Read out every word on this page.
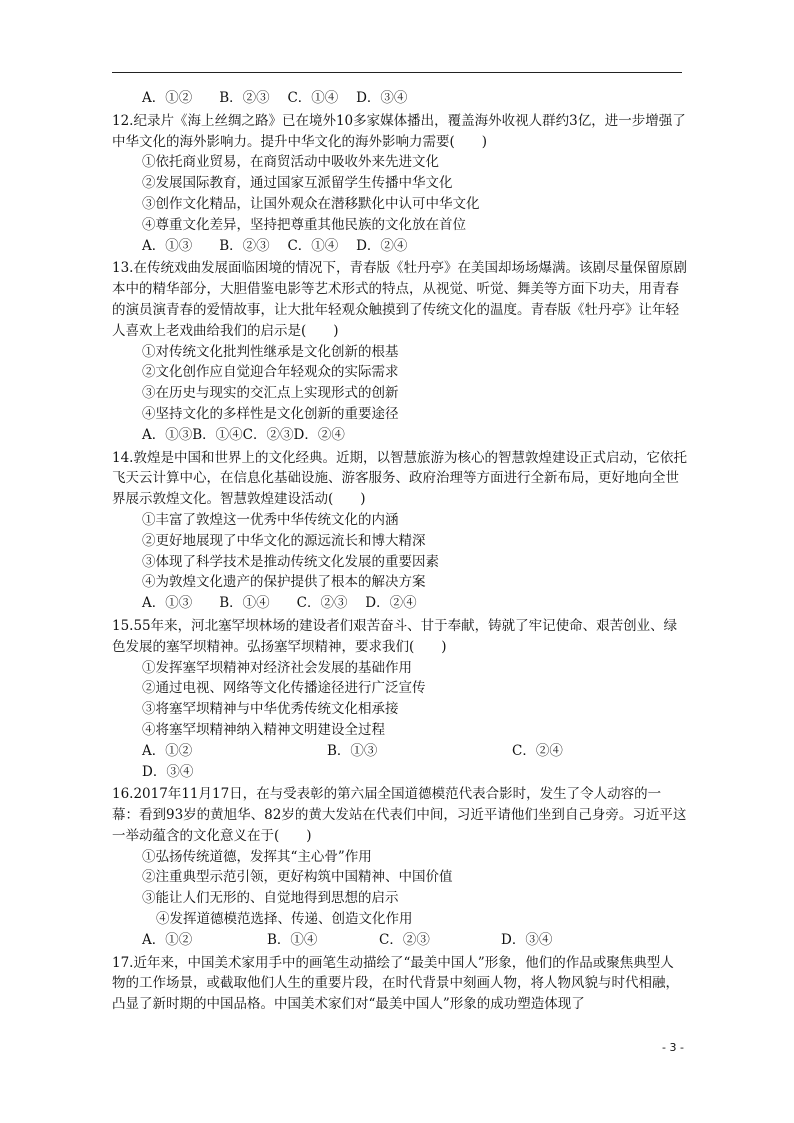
A．①②　　B．②③　 C．①④　 D．③④
12.纪录片《海上丝绸之路》已在境外10多家媒体播出，覆盖海外收视人群约3亿，进一步增强了中华文化的海外影响力。提升中华文化的海外影响力需要(　　)
①依托商业贸易，在商贸活动中吸收外来先进文化
②发展国际教育，通过国家互派留学生传播中华文化
③创作文化精品，让国外观众在潜移默化中认可中华文化
④尊重文化差异，坚持把尊重其他民族的文化放在首位
A．①③　　B．②③　 C．①④　 D．②④
13.在传统戏曲发展面临困境的情况下，青春版《牡丹亭》在美国却场场爆满。该剧尽量保留原剧本中的精华部分，大胆借鉴电影等艺术形式的特点，从视觉、听觉、舞美等方面下功夫，用青春的演员演青春的爱情故事，让大批年轻观众触摸到了传统文化的温度。青春版《牡丹亭》让年轻人喜欢上老戏曲给我们的启示是(　　)
①对传统文化批判性继承是文化创新的根基
②文化创作应自觉迎合年轻观众的实际需求
③在历史与现实的交汇点上实现形式的创新
④坚持文化的多样性是文化创新的重要途径
A．①③B．①④C．②③D．②④
14.敦煌是中国和世界上的文化经典。近期，以智慧旅游为核心的智慧敦煌建设正式启动，它依托飞天云计算中心，在信息化基础设施、游客服务、政府治理等方面进行全新布局，更好地向全世界展示敦煌文化。智慧敦煌建设活动(　　)
①丰富了敦煌这一优秀中华传统文化的内涵
②更好地展现了中华文化的源远流长和博大精深
③体现了科学技术是推动传统文化发展的重要因素
④为敦煌文化遗产的保护提供了根本的解决方案
A．①③　　B．①④　　C．②③　 D．②④
15.55年来，河北塞罕坝林场的建设者们艰苦奋斗、甘于奉献，铸就了牢记使命、艰苦创业、绿色发展的塞罕坝精神。弘扬塞罕坝精神，要求我们(　　)
①发挥塞罕坝精神对经济社会发展的基础作用
②通过电视、网络等文化传播途径进行广泛宣传
③将塞罕坝精神与中华优秀传统文化相承接
④将塞罕坝精神纳入精神文明建设全过程
A．①②	B．①③	C．②④
D．③④
16.2017年11月17日，在与受表彰的第六届全国道德模范代表合影时，发生了令人动容的一幕：看到93岁的黄旭华、82岁的黄大发站在代表们中间，习近平请他们坐到自己身旁。习近平这一举动蕴含的文化意义在于(　　)
①弘扬传统道德，发挥其“主心骨”作用
②注重典型示范引领，更好构筑中国精神、中国价值
③能让人们无形的、自觉地得到思想的启示
④发挥道德模范选择、传递、创造文化作用
A．①②	B．①④	C．②③	D．③④
17.近年来，中国美术家用手中的画笔生动描绘了“最美中国人”形象，他们的作品或聚焦典型人物的工作场景，或截取他们人生的重要片段，在时代背景中刻画人物，将人物风貌与时代相融，凸显了新时期的中国品格。中国美术家们对“最美中国人”形象的成功塑造体现了
- 3 -
